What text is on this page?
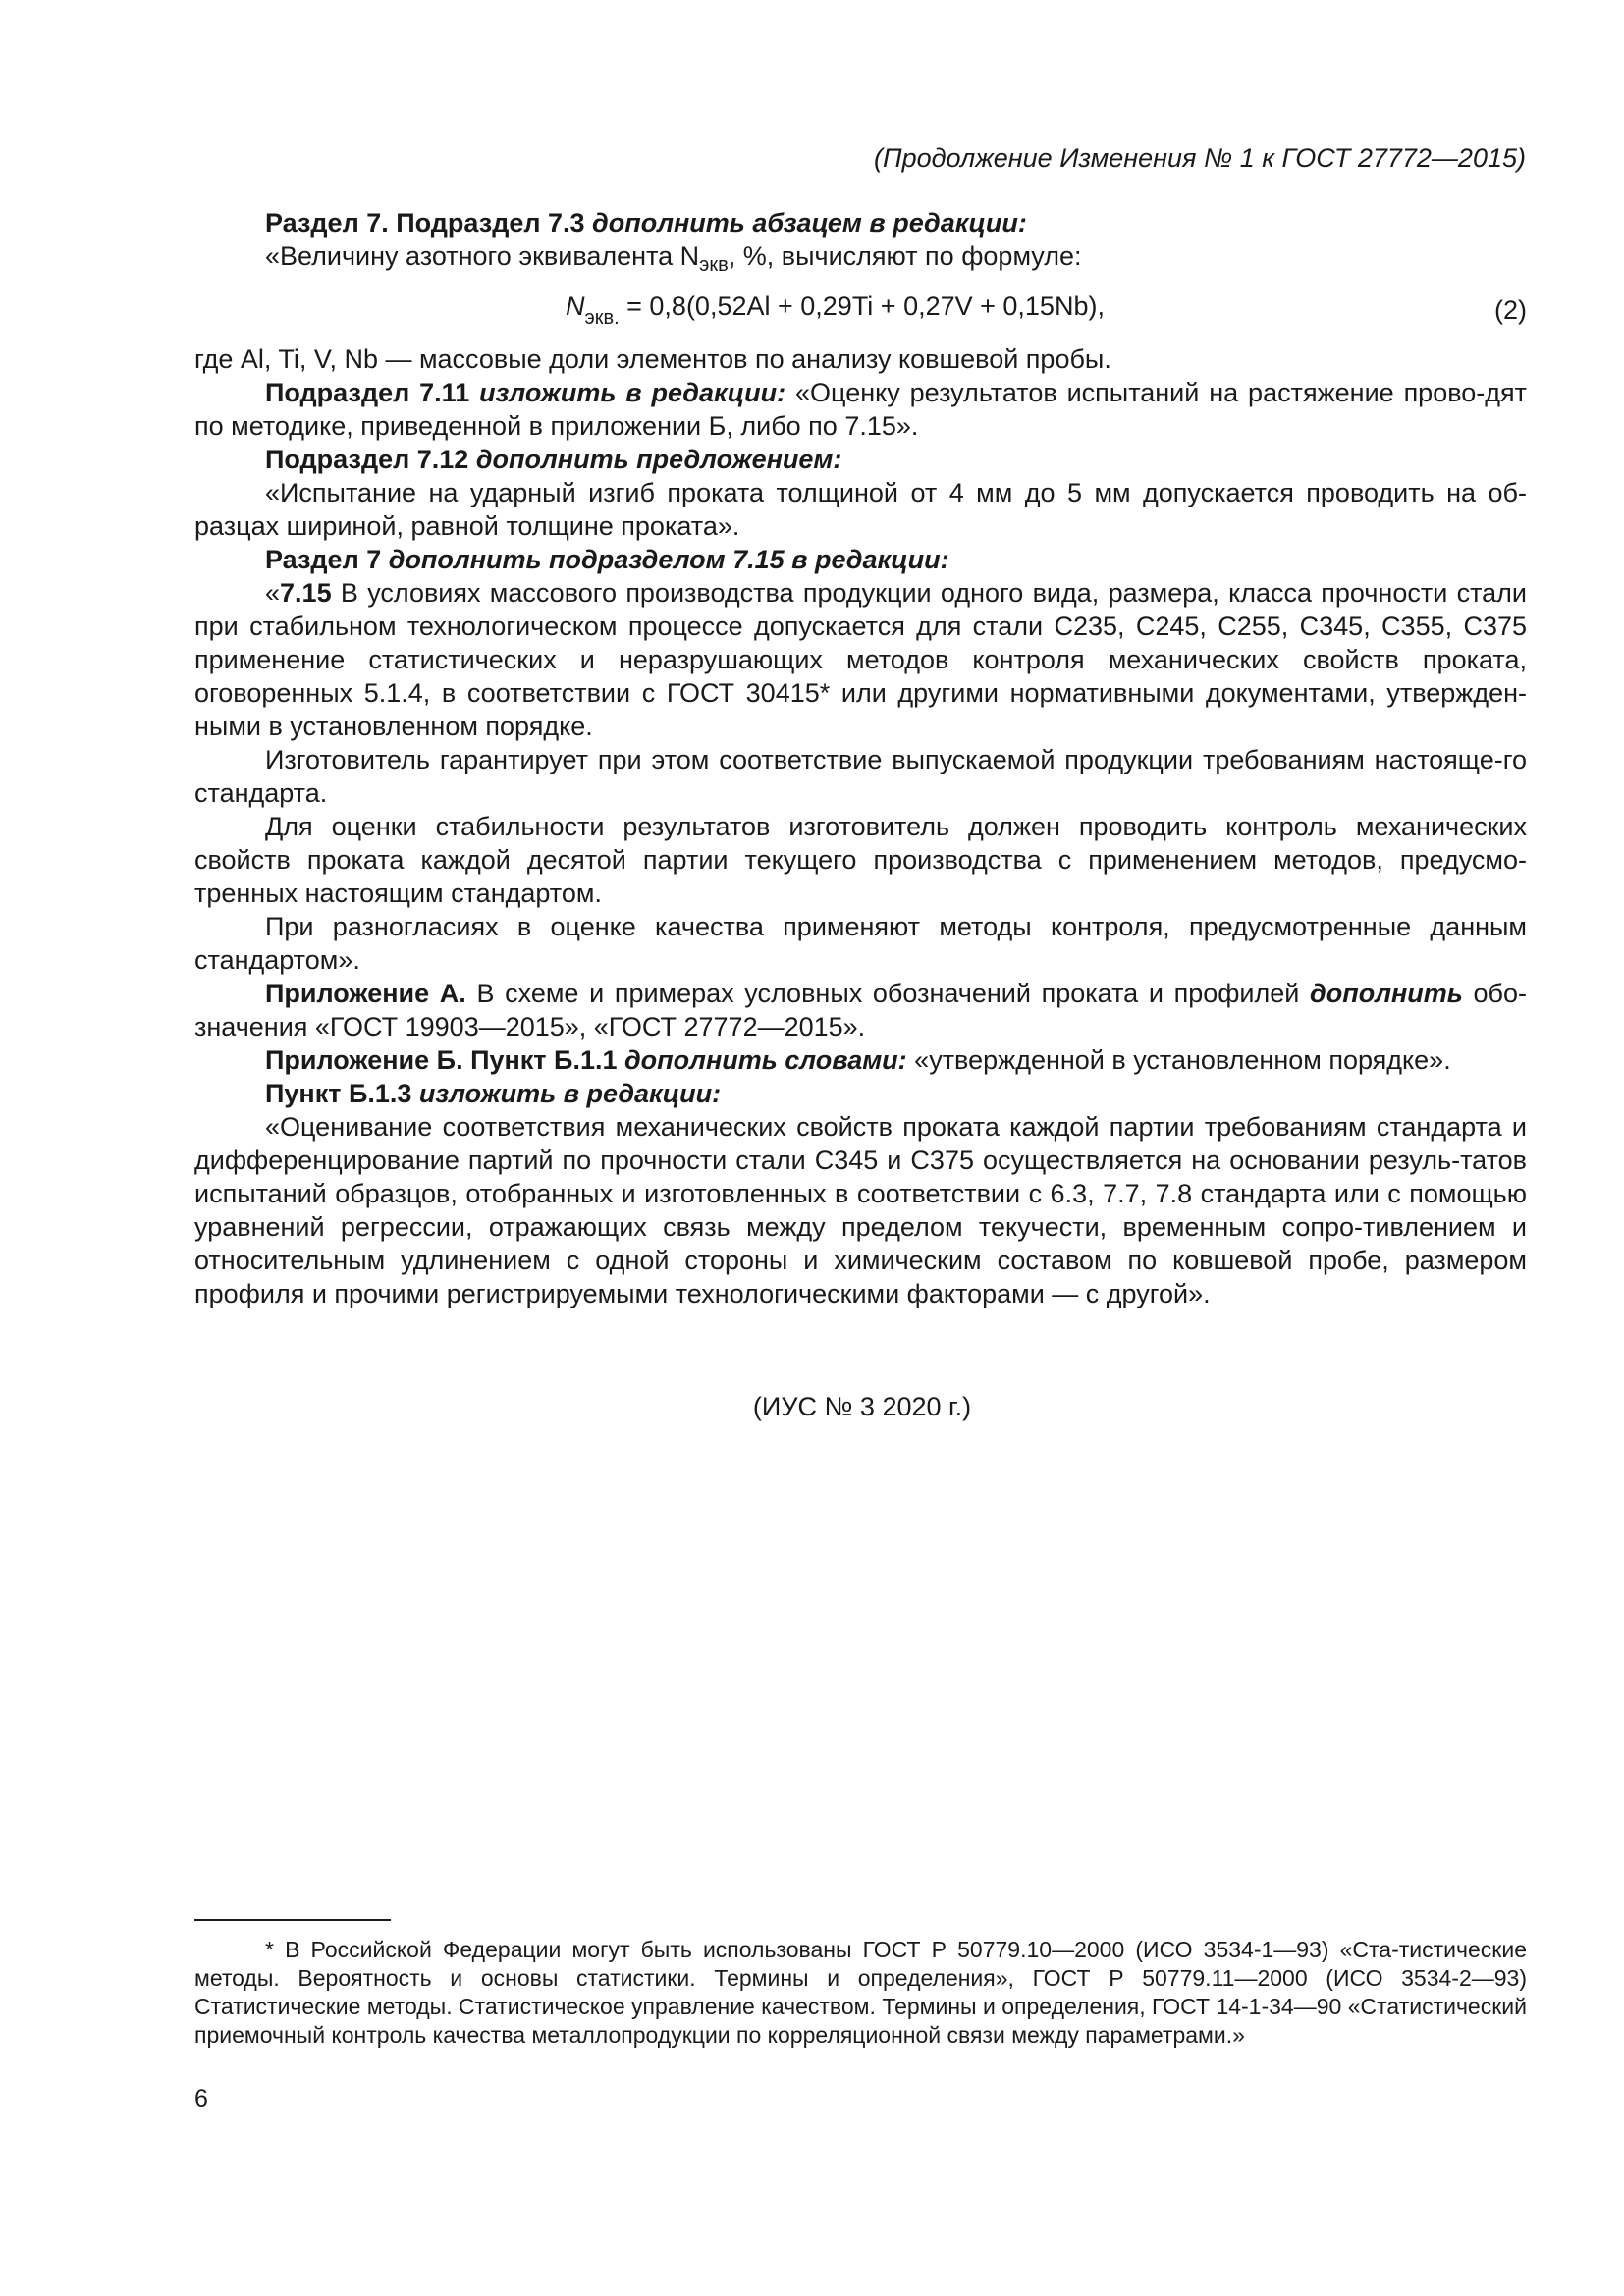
(Продолжение Изменения № 1 к ГОСТ 27772—2015)

Раздел 7. Подраздел 7.3 дополнить абзацем в редакции:

«Величину азотного эквивалента $N_{экв}$, %, вычисляют по формуле:

$N_{экв.} = 0,8(0,52Al + 0,29Ti + 0,27V + 0,15Nb)$,	(2)

где Al, Ti, V, Nb — массовые доли элементов по анализу ковшевой пробы.

Подраздел 7.11 изложить в редакции: «Оценку результатов испытаний на растяжение прово-дят по методике, приведенной в приложении Б, либо по 7.15».

Подраздел 7.12 дополнить предложением:

«Испытание на ударный изгиб проката толщиной от 4 мм до 5 мм допускается проводить на об-разцах шириной, равной толщине проката».

Раздел 7 дополнить подразделом 7.15 в редакции:

«7.15 В условиях массового производства продукции одного вида, размера, класса прочности стали при стабильном технологическом процессе допускается для стали С235, С245, С255, С345, С355, С375 применение статистических и неразрушающих методов контроля механических свойств проката, оговоренных 5.1.4, в соответствии с ГОСТ 30415* или другими нормативными документами, утвержден-ными в установленном порядке.

Изготовитель гарантирует при этом соответствие выпускаемой продукции требованиям настояще-го стандарта.

Для оценки стабильности результатов изготовитель должен проводить контроль механических свойств проката каждой десятой партии текущего производства с применением методов, предусмо-тренных настоящим стандартом.

При разногласиях в оценке качества применяют методы контроля, предусмотренные данным стандартом».

Приложение А. В схеме и примерах условных обозначений проката и профилей дополнить обо-значения «ГОСТ 19903—2015», «ГОСТ 27772—2015».

Приложение Б. Пункт Б.1.1 дополнить словами: «утвержденной в установленном порядке».

Пункт Б.1.3 изложить в редакции:

«Оценивание соответствия механических свойств проката каждой партии требованиям стандарта и дифференцирование партий по прочности стали С345 и С375 осуществляется на основании резуль-татов испытаний образцов, отобранных и изготовленных в соответствии с 6.3, 7.7, 7.8 стандарта или с помощью уравнений регрессии, отражающих связь между пределом текучести, временным сопро-тивлением и относительным удлинением с одной стороны и химическим составом по ковшевой пробе, размером профиля и прочими регистрируемыми технологическими факторами — с другой».

(ИУС № 3 2020 г.)

* В Российской Федерации могут быть использованы ГОСТ Р 50779.10—2000 (ИСО 3534-1—93) «Ста-тистические методы. Вероятность и основы статистики. Термины и определения», ГОСТ Р 50779.11—2000 (ИСО 3534-2—93) Статистические методы. Статистическое управление качеством. Термины и определения, ГОСТ 14-1-34—90 «Статистический приемочный контроль качества металлопродукции по корреляционной связи между параметрами.»

6
